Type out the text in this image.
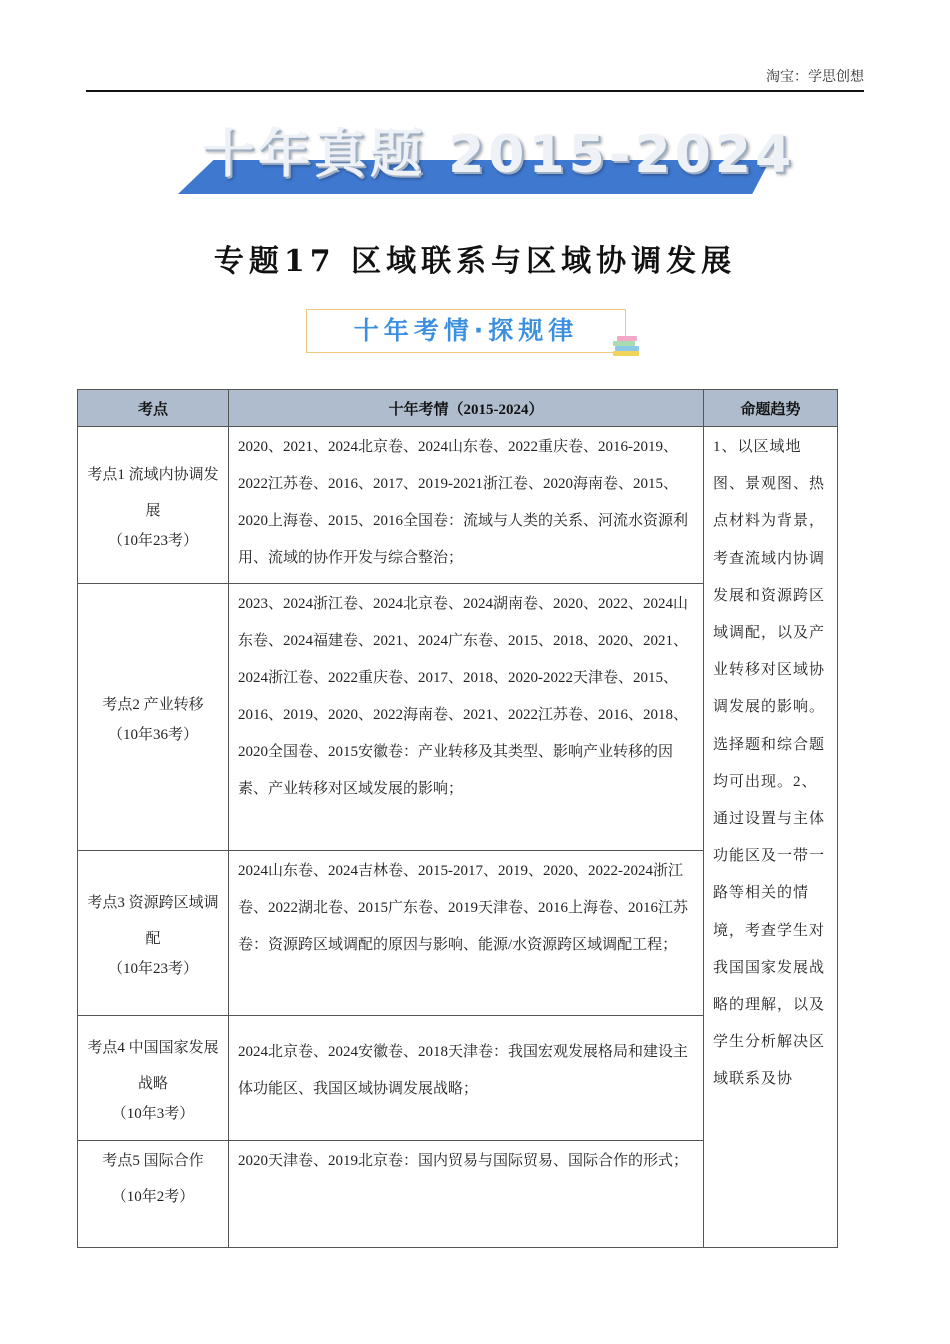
淘宝：学思创想
十年真题 2015-2024
专题17 区域联系与区域协调发展
十年考情·探规律
考点	十年考情（2015-2024）	命题趋势
考点1 流域内协调发展
（10年23考）	2020、2021、2024北京卷、2024山东卷、2022重庆卷、2016-2019、2022江苏卷、2016、2017、2019-2021浙江卷、2020海南卷、2015、2020上海卷、2015、2016全国卷：流域与人类的关系、河流水资源利用、流域的协作开发与综合整治；	1、以区域地图、景观图、热点材料为背景，考查流域内协调发展和资源跨区域调配，以及产业转移对区域协调发展的影响。选择题和综合题均可出现。2、通过设置与主体功能区及一带一路等相关的情境，考查学生对我国国家发展战略的理解，以及学生分析解决区域联系及协
考点2 产业转移
（10年36考）	2023、2024浙江卷、2024北京卷、2024湖南卷、2020、2022、2024山东卷、2024福建卷、2021、2024广东卷、2015、2018、2020、2021、2024浙江卷、2022重庆卷、2017、2018、2020-2022天津卷、2015、2016、2019、2020、2022海南卷、2021、2022江苏卷、2016、2018、2020全国卷、2015安徽卷：产业转移及其类型、影响产业转移的因素、产业转移对区域发展的影响；	
考点3 资源跨区域调配
（10年23考）	2024山东卷、2024吉林卷、2015-2017、2019、2020、2022-2024浙江卷、2022湖北卷、2015广东卷、2019天津卷、2016上海卷、2016江苏卷：资源跨区域调配的原因与影响、能源/水资源跨区域调配工程；	
考点4 中国国家发展战略
（10年3考）	2024北京卷、2024安徽卷、2018天津卷：我国宏观发展格局和建设主体功能区、我国区域协调发展战略；	
考点5 国际合作
（10年2考）	2020天津卷、2019北京卷：国内贸易与国际贸易、国际合作的形式；	
